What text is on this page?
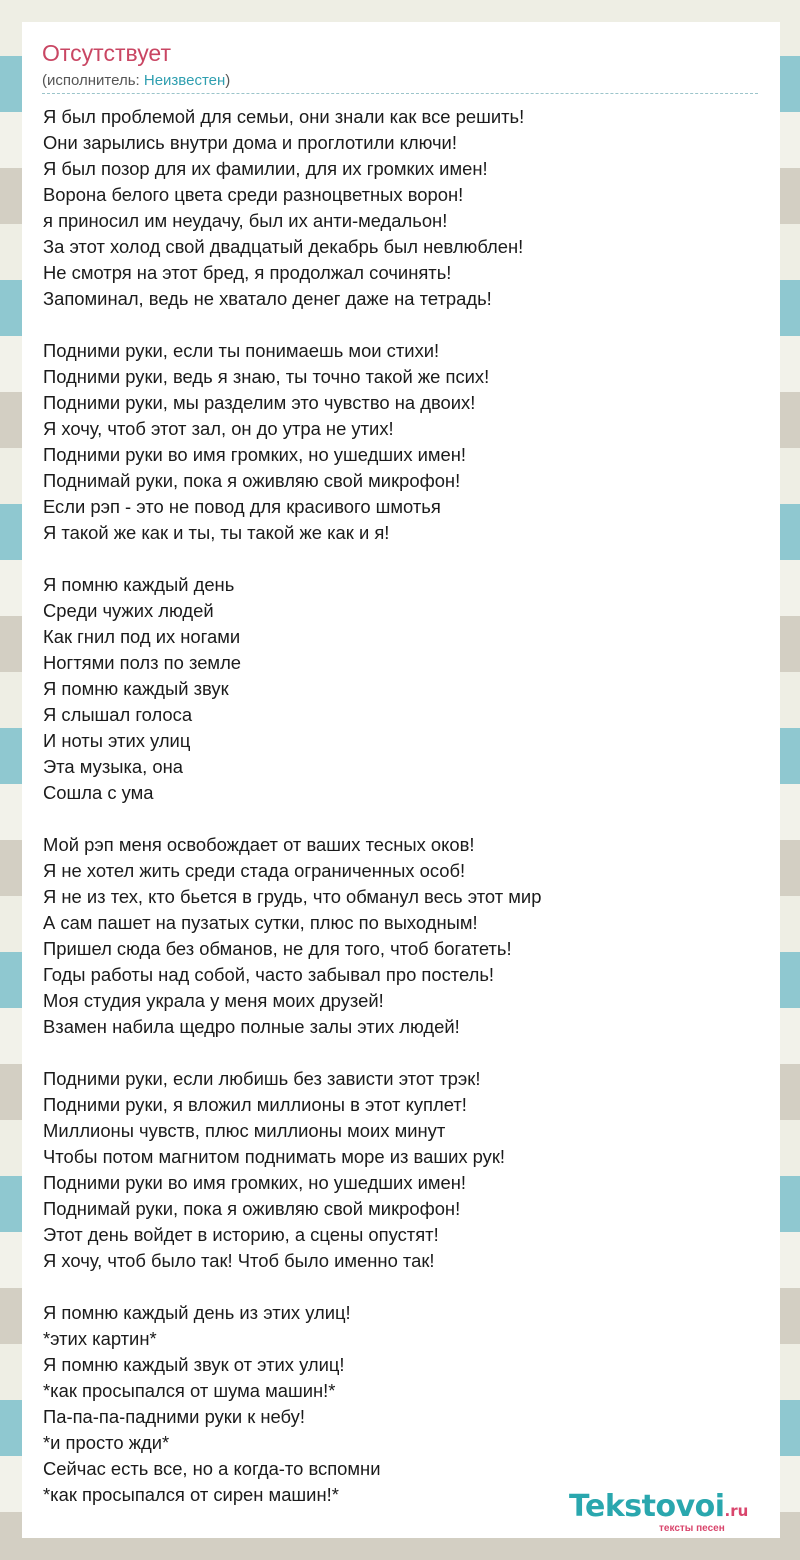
Отсутствует
(исполнитель: Неизвестен)
Я был проблемой для семьи, они знали как все решить!
Они зарылись внутри дома и проглотили ключи!
Я был позор для их фамилии, для их громких имен!
Ворона белого цвета среди разноцветных ворон!
я приносил им неудачу, был их анти-медальон!
За этот холод свой двадцатый декабрь был невлюблен!
Не смотря на этот бред, я продолжал сочинять!
Запоминал, ведь не хватало денег даже на тетрадь!
Подними руки, если ты понимаешь мои стихи!
Подними руки, ведь я знаю, ты точно такой же псих!
Подними руки, мы разделим это чувство на двоих!
Я хочу, чтоб этот зал, он до утра не утих!
Подними руки во имя громких, но ушедших имен!
Поднимай руки, пока я оживляю свой микрофон!
Если рэп - это не повод для красивого шмотья
Я такой же как и ты, ты такой же как и я!
Я помню каждый день
Среди чужих людей
Как гнил под их ногами
Ногтями полз по земле
Я помню каждый звук
Я слышал голоса
И ноты этих улиц
Эта музыка, она
Сошла с ума
Мой рэп меня освобождает от ваших тесных оков!
Я не хотел жить среди стада ограниченных особ!
Я не из тех, кто бьется в грудь, что обманул весь этот мир
А сам пашет на пузатых сутки, плюс по выходным!
Пришел сюда без обманов, не для того, чтоб богатеть!
Годы работы над собой, часто забывал про постель!
Моя студия украла у меня моих друзей!
Взамен набила щедро полные залы этих людей!
Подними руки, если любишь без зависти этот трэк!
Подними руки, я вложил миллионы в этот куплет!
Миллионы чувств, плюс миллионы моих минут
Чтобы потом магнитом поднимать море из ваших рук!
Подними руки во имя громких, но ушедших имен!
Поднимай руки, пока я оживляю свой микрофон!
Этот день войдет в историю, а сцены опустят!
Я хочу, чтоб было так! Чтоб было именно так!
Я помню каждый день из этих улиц!
*этих картин*
Я помню каждый звук от этих улиц!
*как просыпался от шума машин!*
Па-па-па-падними руки к небу!
*и просто жди*
Сейчас есть все, но а когда-то вспомни
*как просыпался от сирен машин!*	Tekstovoi.ru
тексты песен
